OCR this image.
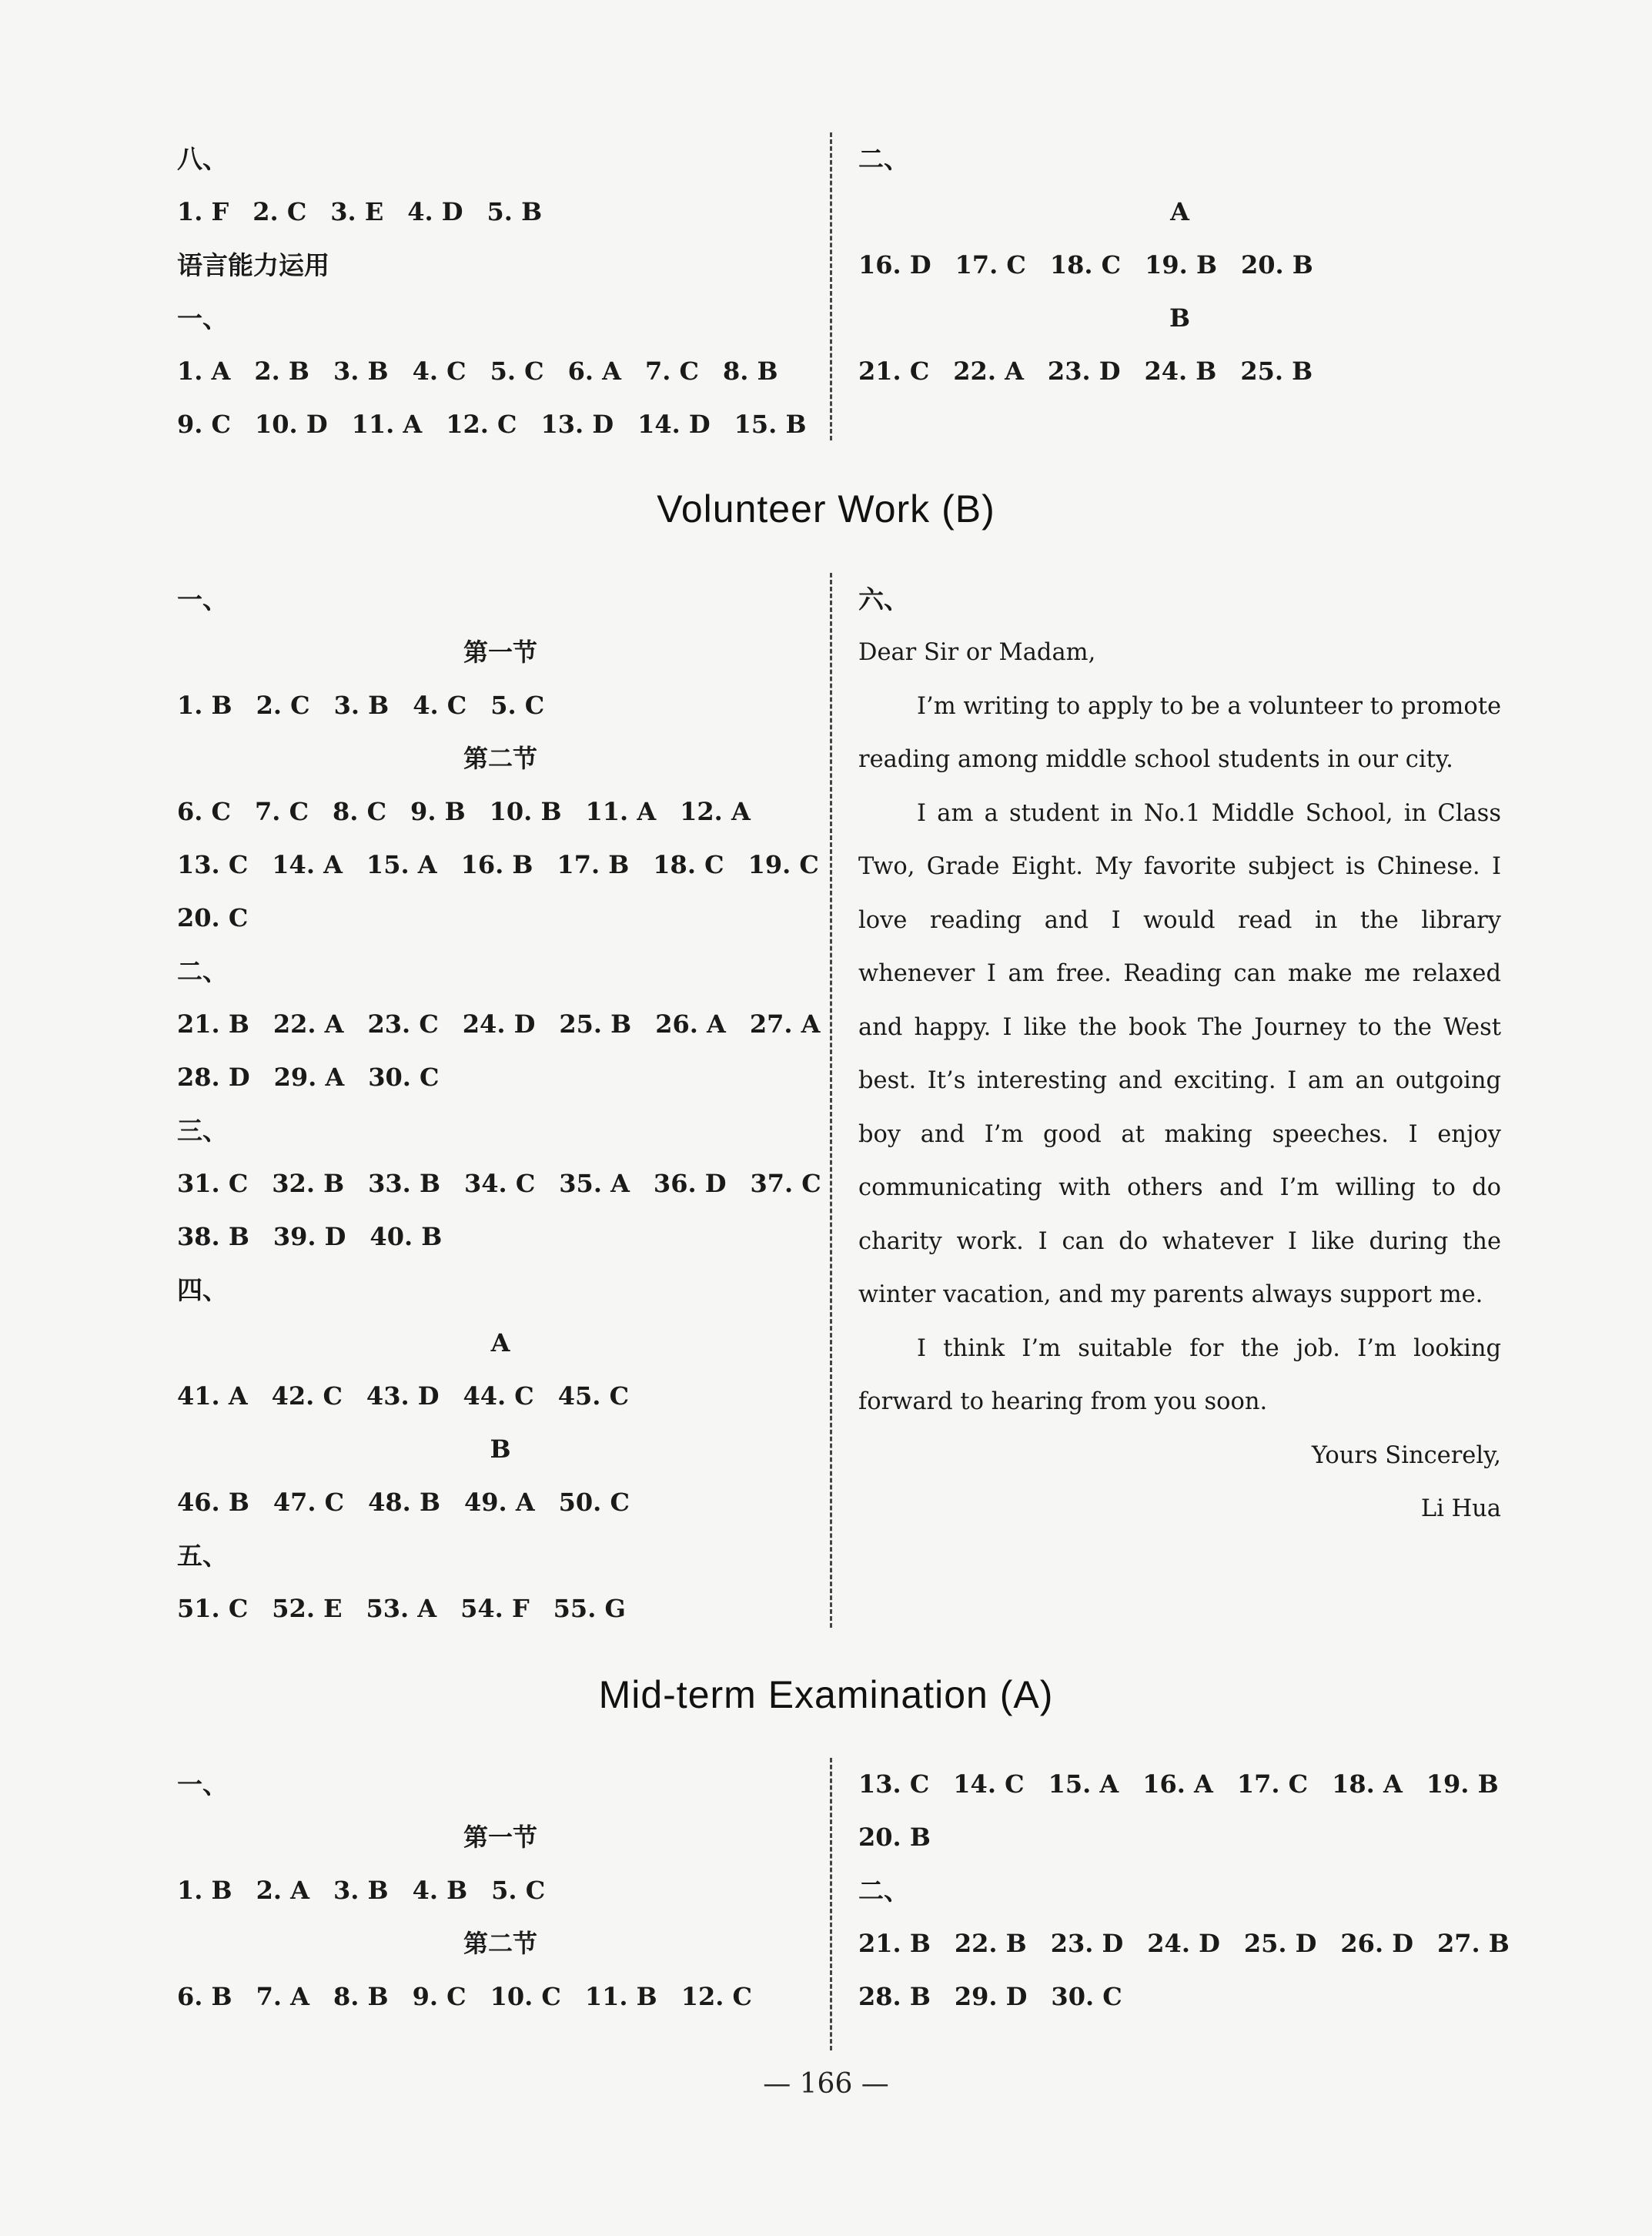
八、
1. F 2. C 3. E 4. D 5. B
语言能力运用
一、
1. A 2. B 3. B 4. C 5. C 6. A 7. C 8. B
9. C 10. D 11. A 12. C 13. D 14. D 15. B
二、
A
16. D 17. C 18. C 19. B 20. B
B
21. C 22. A 23. D 24. B 25. B
Volunteer Work (B)
一、
第一节
1. B 2. C 3. B 4. C 5. C
第二节
6. C 7. C 8. C 9. B 10. B 11. A 12. A
13. C 14. A 15. A 16. B 17. B 18. C 19. C
20. C
二、
21. B 22. A 23. C 24. D 25. B 26. A 27. A
28. D 29. A 30. C
三、
31. C 32. B 33. B 34. C 35. A 36. D 37. C
38. B 39. D 40. B
四、
A
41. A 42. C 43. D 44. C 45. C
B
46. B 47. C 48. B 49. A 50. C
五、
51. C 52. E 53. A 54. F 55. G
六、

Dear Sir or Madam,

I’m writing to apply to be a volunteer to promote

reading among middle school students in our city.

I am a student in No.1 Middle School, in Class

Two, Grade Eight. My favorite subject is Chinese. I

love reading and I would read in the library

whenever I am free. Reading can make me relaxed

and happy. I like the book The Journey to the West

best. It’s interesting and exciting. I am an outgoing

boy and I’m good at making speeches. I enjoy

communicating with others and I’m willing to do

charity work. I can do whatever I like during the

winter vacation, and my parents always support me.

I think I’m suitable for the job. I’m looking

forward to hearing from you soon.

Yours Sincerely,

Li Hua

Mid-term Examination (A)
一、
第一节
1. B 2. A 3. B 4. B 5. C
第二节
6. B 7. A 8. B 9. C 10. C 11. B 12. C
13. C 14. C 15. A 16. A 17. C 18. A 19. B
20. B
二、
21. B 22. B 23. D 24. D 25. D 26. D 27. B
28. B 29. D 30. C
— 166 —
